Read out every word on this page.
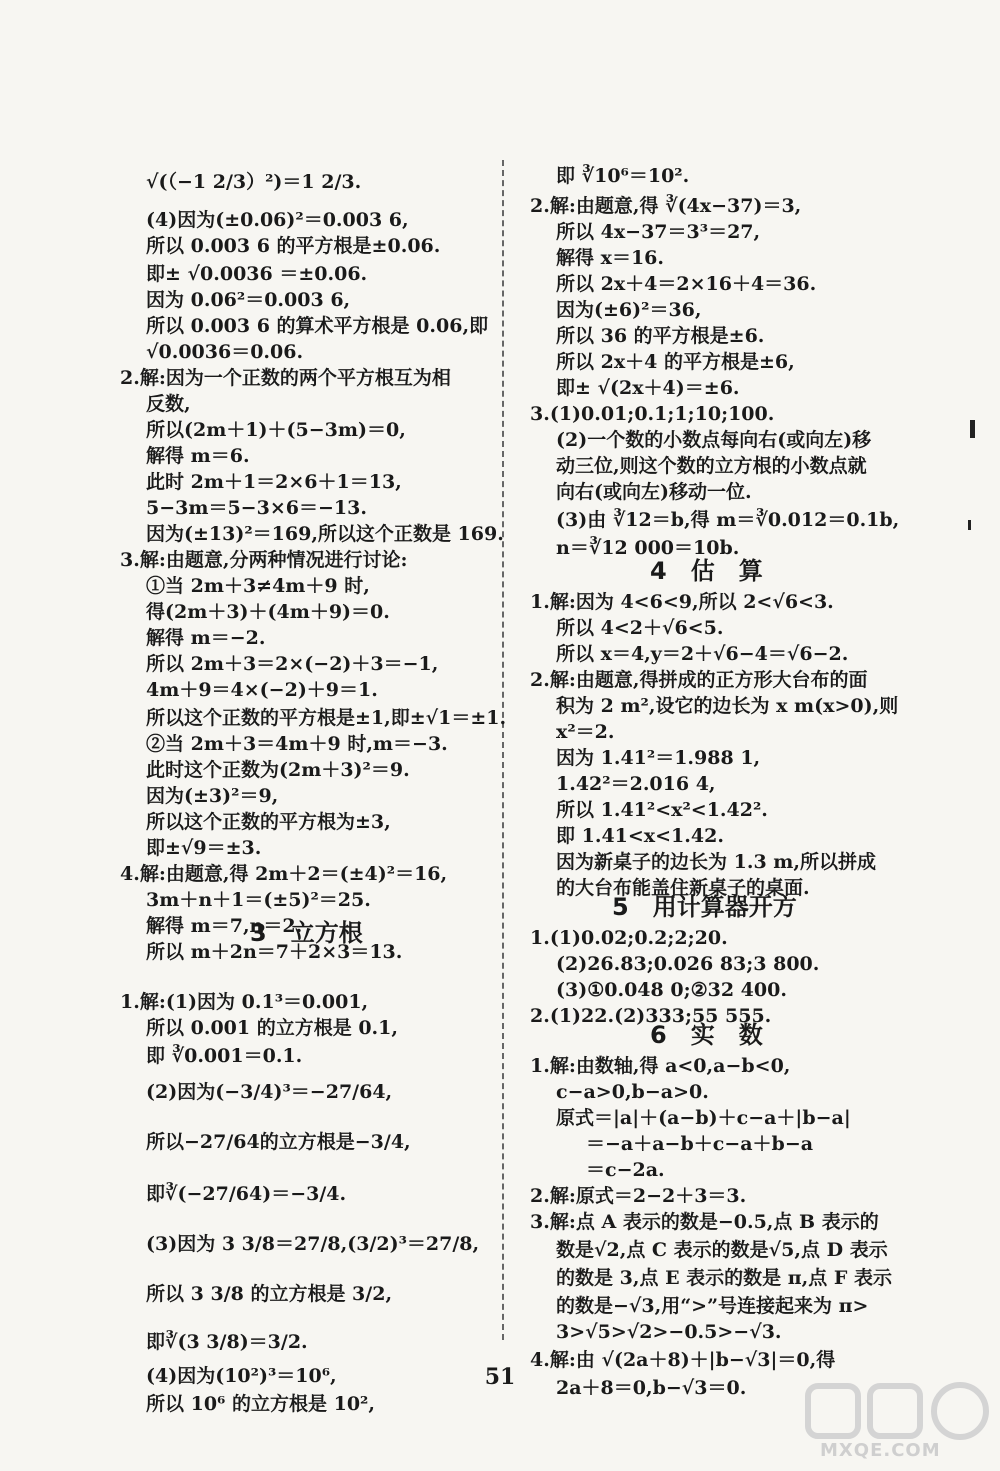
√(（−1 2/3）²)＝1 2/3.
(4)因为(±0.06)²＝0.003 6,
所以 0.003 6 的平方根是±0.06.
即± √0.0036 ＝±0.06.
因为 0.06²＝0.003 6,
所以 0.003 6 的算术平方根是 0.06,即
√0.0036＝0.06.
2.解:因为一个正数的两个平方根互为相
反数,
所以(2m＋1)＋(5−3m)＝0,
解得 m＝6.
此时 2m＋1＝2×6＋1＝13,
5−3m＝5−3×6＝−13.
因为(±13)²＝169,所以这个正数是 169.
3.解:由题意,分两种情况进行讨论:
①当 2m＋3≠4m＋9 时,
得(2m＋3)＋(4m＋9)＝0.
解得 m＝−2.
所以 2m＋3＝2×(−2)＋3＝−1,
4m＋9＝4×(−2)＋9＝1.
所以这个正数的平方根是±1,即±√1＝±1.
②当 2m＋3＝4m＋9 时,m＝−3.
此时这个正数为(2m＋3)²＝9.
因为(±3)²＝9,
所以这个正数的平方根为±3,
即±√9＝±3.
4.解:由题意,得 2m＋2＝(±4)²＝16,
3m＋n＋1＝(±5)²＝25.
解得 m＝7,n＝2.
所以 m＋2n＝7＋2×3＝13.
1.解:(1)因为 0.1³＝0.001,
所以 0.001 的立方根是 0.1,
即 ∛0.001＝0.1.
(2)因为(−3/4)³＝−27/64,
所以−27/64的立方根是−3/4,
即∛(−27/64)＝−3/4.
(3)因为 3 3/8＝27/8,(3/2)³＝27/8,
所以 3 3/8 的立方根是 3/2,
即∛(3 3/8)＝3/2.
(4)因为(10²)³＝10⁶,
所以 10⁶ 的立方根是 10²,
3　立方根
即 ∛10⁶＝10².
2.解:由题意,得 ∛(4x−37)＝3,
所以 4x−37＝3³＝27,
解得 x＝16.
所以 2x＋4＝2×16＋4＝36.
因为(±6)²＝36,
所以 36 的平方根是±6.
所以 2x＋4 的平方根是±6,
即± √(2x＋4)＝±6.
3.(1)0.01;0.1;1;10;100.
(2)一个数的小数点每向右(或向左)移
动三位,则这个数的立方根的小数点就
向右(或向左)移动一位.
(3)由 ∛12＝b,得 m＝∛0.012＝0.1b,
n＝∛12 000＝10b.
1.解:因为 4<6<9,所以 2<√6<3.
所以 4<2＋√6<5.
所以 x＝4,y＝2＋√6−4＝√6−2.
2.解:由题意,得拼成的正方形大台布的面
积为 2 m²,设它的边长为 x m(x>0),则
x²＝2.
因为 1.41²＝1.988 1,
1.42²＝2.016 4,
所以 1.41²<x²<1.42².
即 1.41<x<1.42.
因为新桌子的边长为 1.3 m,所以拼成
的大台布能盖住新桌子的桌面.
1.(1)0.02;0.2;2;20.
(2)26.83;0.026 83;3 800.
(3)①0.048 0;②32 400.
2.(1)22.(2)333;55 555.
1.解:由数轴,得 a<0,a−b<0,
c−a>0,b−a>0.
原式＝|a|＋(a−b)＋c−a＋|b−a|
＝−a＋a−b＋c−a＋b−a
＝c−2a.
2.解:原式＝2−2＋3＝3.
3.解:点 A 表示的数是−0.5,点 B 表示的
数是√2,点 C 表示的数是√5,点 D 表示
的数是 3,点 E 表示的数是 π,点 F 表示
的数是−√3,用“>”号连接起来为 π>
3>√5>√2>−0.5>−√3.
4.解:由 √(2a＋8)＋|b−√3|＝0,得
2a＋8＝0,b−√3＝0.
4　估　算
5　用计算器开方
6　实　数
51
MXQE.COM
